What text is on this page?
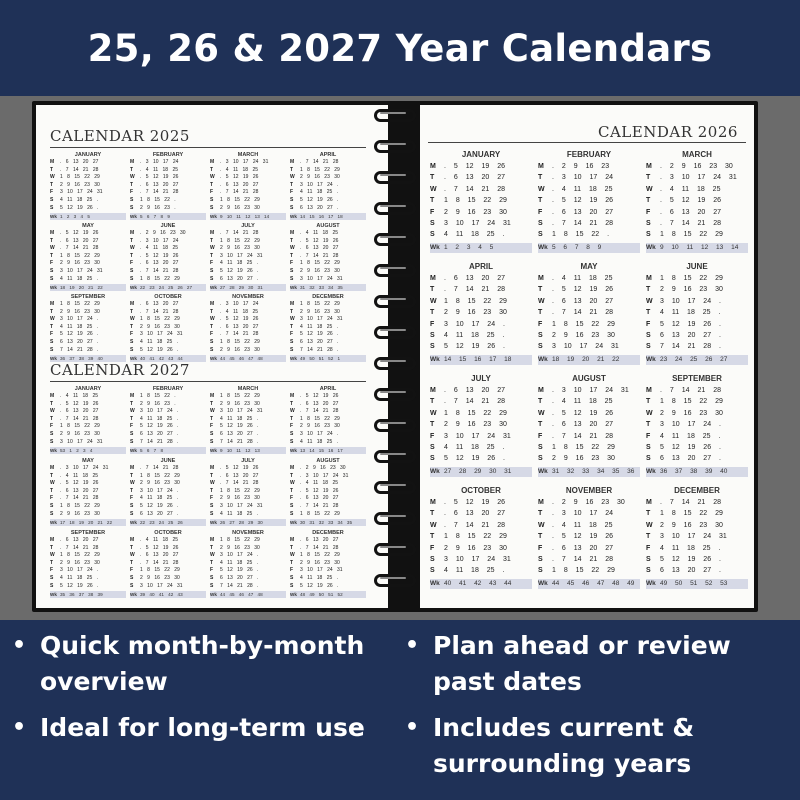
25, 26 & 2027 Year Calendars
CALENDAR 2025
JANUARY
M	. 6 13 20 27
T	. 7 14 21 28
W	1 8 15 22 29
T	2 9 16 23 30
F	3 10 17 24 31
S	4 11 18 25 .
S	5 12 19 26 .
Wk 1 2 3 4 5
FEBRUARY
M	. 3 10 17 24
T	. 4 11 18 25
W	. 5 12 19 26
T	. 6 13 20 27
F	. 7 14 21 28
S	1 8 15 22 .
S	2 9 16 23 .
Wk 5 6 7 8 9
MARCH
M	. 3 10 17 24 31
T	. 4 11 18 25
W	. 5 12 19 26
T	. 6 13 20 27
F	. 7 14 21 28
S	1 8 15 22 29
S	2 9 16 23 30
Wk 9 10 11 12 13 14
APRIL
M	. 7 14 21 28
T	1 8 15 22 29
W	2 9 16 23 30
T	3 10 17 24 .
F	4 11 18 25 .
S	5 12 19 26 .
S	6 13 20 27 .
Wk 14 15 16 17 18
MAY
M	. 5 12 19 26
T	. 6 13 20 27
W	. 7 14 21 28
T	1 8 15 22 29
F	2 9 16 23 30
S	3 10 17 24 31
S	4 11 18 25 .
Wk 18 19 20 21 22
JUNE
M	. 2 9 16 23 30
T	. 3 10 17 24
W	. 4 11 18 25
T	. 5 12 19 26
F	. 6 13 20 27
S	. 7 14 21 28
S	1 8 15 22 29
Wk 22 23 24 25 26 27
JULY
M	. 7 14 21 28
T	1 8 15 22 29
W	2 9 16 23 30
T	3 10 17 24 31
F	4 11 18 25 .
S	5 12 19 26 .
S	6 13 20 27 .
Wk 27 28 29 30 31
AUGUST
M	. 4 11 18 25
T	. 5 12 19 26
W	. 6 13 20 27
T	. 7 14 21 28
F	1 8 15 22 29
S	2 9 16 23 30
S	3 10 17 24 31
Wk 31 32 33 34 35
SEPTEMBER
M	1 8 15 22 29
T	2 9 16 23 30
W	3 10 17 24 .
T	4 11 18 25 .
F	5 12 19 26 .
S	6 13 20 27 .
S	7 14 21 28 .
Wk 36 37 38 39 40
OCTOBER
M	. 6 13 20 27
T	. 7 14 21 28
W	1 8 15 22 29
T	2 9 16 23 30
F	3 10 17 24 31
S	4 11 18 25 .
S	5 12 19 26 .
Wk 40 41 42 43 44
NOVEMBER
M	. 3 10 17 24
T	. 4 11 18 25
W	. 5 12 19 26
T	. 6 13 20 27
F	. 7 14 21 28
S	1 8 15 22 29
S	2 9 16 23 30
Wk 44 45 46 47 48
DECEMBER
M	1 8 15 22 29
T	2 9 16 23 30
W	3 10 17 24 31
T	4 11 18 25 .
F	5 12 19 26 .
S	6 13 20 27 .
S	7 14 21 28 .
Wk 49 50 51 52 1
CALENDAR 2027
JANUARY
M	. 4 11 18 25
T	. 5 12 19 26
W	. 6 13 20 27
T	. 7 14 21 28
F	1 8 15 22 29
S	2 9 16 23 30
S	3 10 17 24 31
Wk 53 1 2 3 4
FEBRUARY
M	1 8 15 22 .
T	2 9 16 23 .
W	3 10 17 24 .
T	4 11 18 25 .
F	5 12 19 26 .
S	6 13 20 27 .
S	7 14 21 28 .
Wk 5 6 7 8
MARCH
M	1 8 15 22 29
T	2 9 16 23 30
W	3 10 17 24 31
T	4 11 18 25 .
F	5 12 19 26 .
S	6 13 20 27 .
S	7 14 21 28 .
Wk 9 10 11 12 13
APRIL
M	. 5 12 19 26
T	. 6 13 20 27
W	. 7 14 21 28
T	1 8 15 22 29
F	2 9 16 23 30
S	3 10 17 24 .
S	4 11 18 25 .
Wk 13 14 15 16 17
MAY
M	. 3 10 17 24 31
T	. 4 11 18 25
W	. 5 12 19 26
T	. 6 13 20 27
F	. 7 14 21 28
S	1 8 15 22 29
S	2 9 16 23 30
Wk 17 18 19 20 21 22
JUNE
M	. 7 14 21 28
T	1 8 15 22 29
W	2 9 16 23 30
T	3 10 17 24 .
F	4 11 18 25 .
S	5 12 19 26 .
S	6 13 20 27 .
Wk 22 23 24 25 26
JULY
M	. 5 12 19 26
T	. 6 13 20 27
W	. 7 14 21 28
T	1 8 15 22 29
F	2 9 16 23 30
S	3 10 17 24 31
S	4 11 18 25 .
Wk 26 27 28 29 30
AUGUST
M	. 2 9 16 23 30
T	. 3 10 17 24 31
W	. 4 11 18 25
T	. 5 12 19 26
F	. 6 13 20 27
S	. 7 14 21 28
S	1 8 15 22 29
Wk 30 31 32 33 34 35
SEPTEMBER
M	. 6 13 20 27
T	. 7 14 21 28
W	1 8 15 22 29
T	2 9 16 23 30
F	3 10 17 24 .
S	4 11 18 25 .
S	5 12 19 26 .
Wk 35 36 37 38 39
OCTOBER
M	. 4 11 18 25
T	. 5 12 19 26
W	. 6 13 20 27
T	. 7 14 21 28
F	1 8 15 22 29
S	2 9 16 23 30
S	3 10 17 24 31
Wk 39 40 41 42 43
NOVEMBER
M	1 8 15 22 29
T	2 9 16 23 30
W	3 10 17 24 .
T	4 11 18 25 .
F	5 12 19 26 .
S	6 13 20 27 .
S	7 14 21 28 .
Wk 44 45 46 47 48
DECEMBER
M	. 6 13 20 27
T	. 7 14 21 28
W	1 8 15 22 29
T	2 9 16 23 30
F	3 10 17 24 31
S	4 11 18 25 .
S	5 12 19 26 .
Wk 48 49 50 51 52
CALENDAR 2026
JANUARY
M	. 5 12 19 26
T	. 6 13 20 27
W	. 7 14 21 28
T	1 8 15 22 29
F	2 9 16 23 30
S	3 10 17 24 31
S	4 11 18 25 .
Wk 1 2 3 4 5
FEBRUARY
M	. 2 9 16 23
T	. 3 10 17 24
W	. 4 11 18 25
T	. 5 12 19 26
F	. 6 13 20 27
S	. 7 14 21 28
S	1 8 15 22 .
Wk 5 6 7 8 9
MARCH
M	. 2 9 16 23 30
T	. 3 10 17 24 31
W	. 4 11 18 25
T	. 5 12 19 26
F	. 6 13 20 27
S	. 7 14 21 28
S	1 8 15 22 29
Wk 9 10 11 12 13 14
APRIL
M	. 6 13 20 27
T	. 7 14 21 28
W	1 8 15 22 29
T	2 9 16 23 30
F	3 10 17 24 .
S	4 11 18 25 .
S	5 12 19 26 .
Wk 14 15 16 17 18
MAY
M	. 4 11 18 25
T	. 5 12 19 26
W	. 6 13 20 27
T	. 7 14 21 28
F	1 8 15 22 29
S	2 9 16 23 30
S	3 10 17 24 31
Wk 18 19 20 21 22
JUNE
M	1 8 15 22 29
T	2 9 16 23 30
W	3 10 17 24 .
T	4 11 18 25 .
F	5 12 19 26 .
S	6 13 20 27 .
S	7 14 21 28 .
Wk 23 24 25 26 27
JULY
M	. 6 13 20 27
T	. 7 14 21 28
W	1 8 15 22 29
T	2 9 16 23 30
F	3 10 17 24 31
S	4 11 18 25 .
S	5 12 19 26 .
Wk 27 28 29 30 31
AUGUST
M	. 3 10 17 24 31
T	. 4 11 18 25
W	. 5 12 19 26
T	. 6 13 20 27
F	. 7 14 21 28
S	1 8 15 22 29
S	2 9 16 23 30
Wk 31 32 33 34 35 36
SEPTEMBER
M	. 7 14 21 28
T	1 8 15 22 29
W	2 9 16 23 30
T	3 10 17 24 .
F	4 11 18 25 .
S	5 12 19 26 .
S	6 13 20 27 .
Wk 36 37 38 39 40
OCTOBER
M	. 5 12 19 26
T	. 6 13 20 27
W	. 7 14 21 28
T	1 8 15 22 29
F	2 9 16 23 30
S	3 10 17 24 31
S	4 11 18 25 .
Wk 40 41 42 43 44
NOVEMBER
M	. 2 9 16 23 30
T	. 3 10 17 24
W	. 4 11 18 25
T	. 5 12 19 26
F	. 6 13 20 27
S	. 7 14 21 28
S	1 8 15 22 29
Wk 44 45 46 47 48 49
DECEMBER
M	. 7 14 21 28
T	1 8 15 22 29
W	2 9 16 23 30
T	3 10 17 24 31
F	4 11 18 25 .
S	5 12 19 26 .
S	6 13 20 27 .
Wk 49 50 51 52 53
• Quick month-by-month overview
• Plan ahead or review past dates
• Ideal for long-term use • Includes current & surrounding years
